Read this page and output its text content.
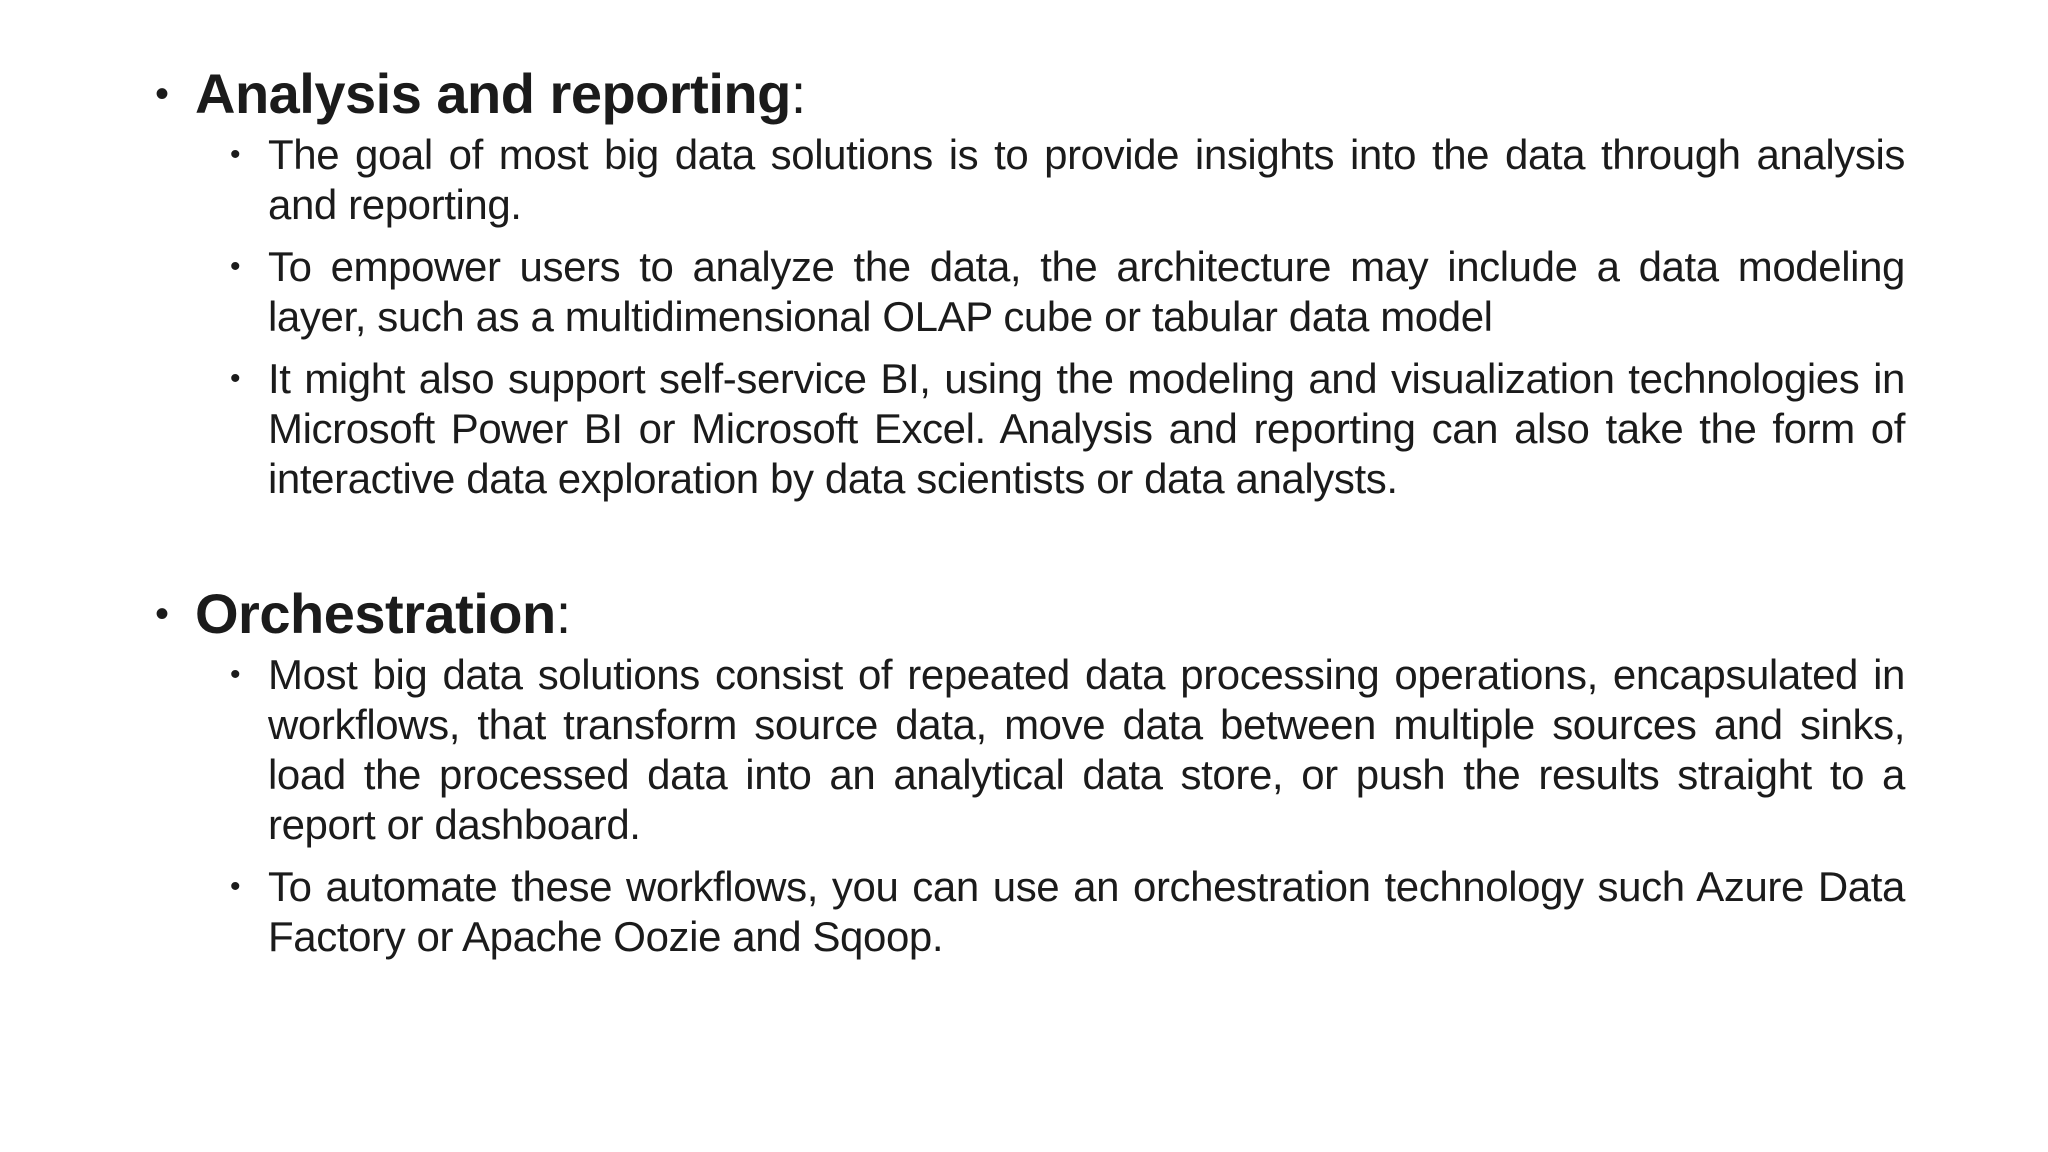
• Analysis and reporting:

• The goal of most big data solutions is to provide insights into the data through analysis and reporting.
• To empower users to analyze the data, the architecture may include a data modeling layer, such as a multidimensional OLAP cube or tabular data model
• It might also support self-service BI, using the modeling and visualization technologies in Microsoft Power BI or Microsoft Excel. Analysis and reporting can also take the form of interactive data exploration by data scientists or data analysts.

• Orchestration:

• Most big data solutions consist of repeated data processing operations, encapsulated in workflows, that transform source data, move data between multiple sources and sinks, load the processed data into an analytical data store, or push the results straight to a report or dashboard.
• To automate these workflows, you can use an orchestration technology such Azure Data Factory or Apache Oozie and Sqoop.
